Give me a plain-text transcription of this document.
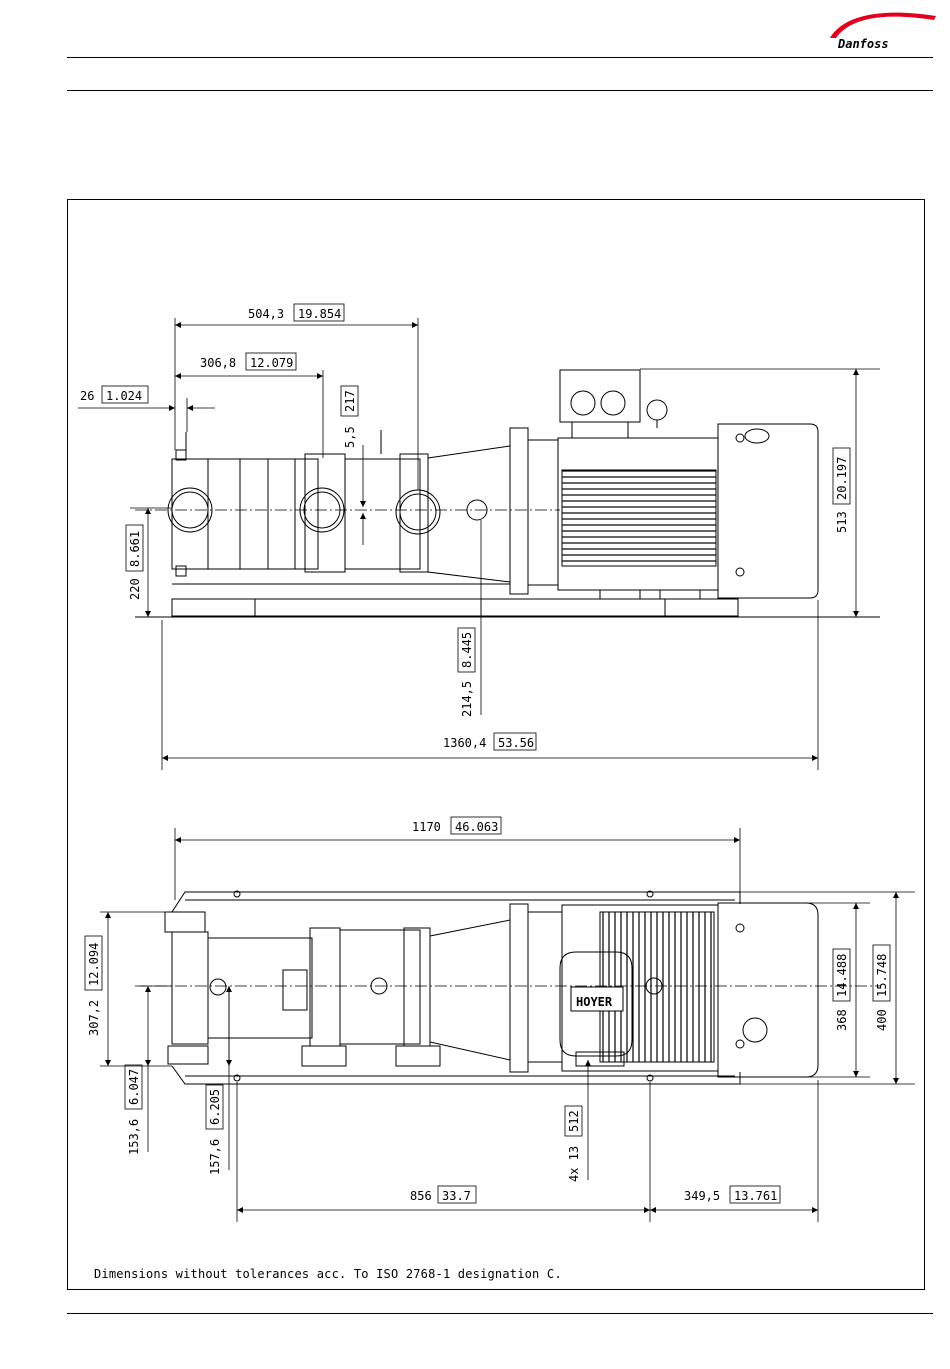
Danfoss
HOYER
504,3 19.854
306,8 12.079
26 1.024
1360,4 53.56
1170 46.063
856 33.7	349,5 13.761
5,5
217
220
8.661
513
20.197
214,5
8.445
307,2
12.094
368
14.488
400
15.748
153,6
6.047
157,6
6.205
4x 13
512
Dimensions without tolerances acc. To ISO 2768-1 designation C.
